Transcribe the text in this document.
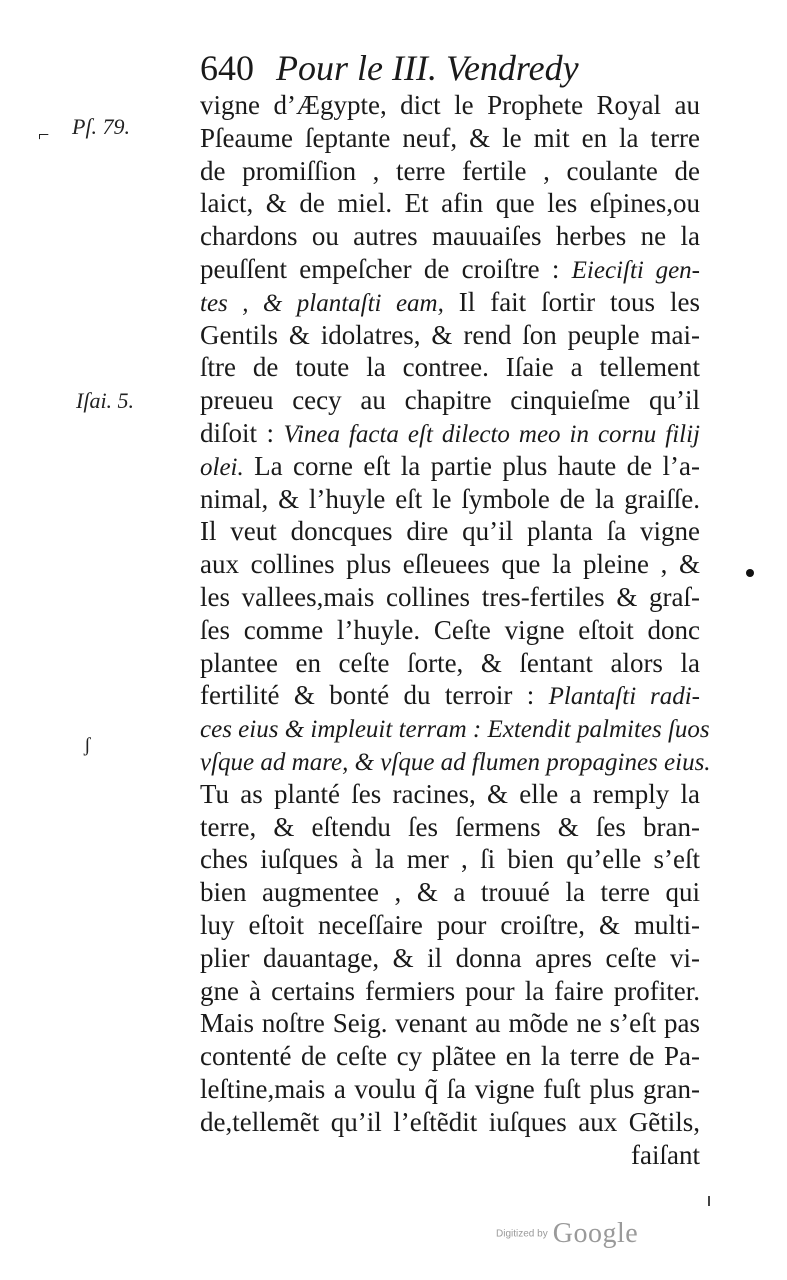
640 Pour le III. Vendredy
Pſ. 79.
⌐
Iſai. 5.
ʃ
vigne d’Ægypte, dict le Prophete Royal au
Pſeaume ſeptante neuf, & le mit en la terre
de promiſſion , terre fertile , coulante de
laict, & de miel. Et afin que les eſpines,ou
chardons ou autres mauuaiſes herbes ne la
peuſſent empeſcher de croiſtre : Eieciſti gen-
tes , & plantaſti eam, Il fait ſortir tous les
Gentils & idolatres, & rend ſon peuple mai-
ſtre de toute la contree. Iſaie a tellement
preueu cecy au chapitre cinquieſme qu’il
diſoit : Vinea facta eſt dilecto meo in cornu filij
olei. La corne eſt la partie plus haute de l’a-
nimal, & l’huyle eſt le ſymbole de la graiſſe.
Il veut doncques dire qu’il planta ſa vigne
aux collines plus eſleuees que la pleine , &
les vallees,mais collines tres-fertiles & graſ-
ſes comme l’huyle. Ceſte vigne eſtoit donc
plantee en ceſte ſorte, & ſentant alors la
fertilité & bonté du terroir : Plantaſti radi-
ces eius & impleuit terram : Extendit palmites ſuos
vſque ad mare, & vſque ad flumen propagines eius.
Tu as planté ſes racines, & elle a remply la
terre, & eſtendu ſes ſermens & ſes bran-
ches iuſques à la mer , ſi bien qu’elle s’eſt
bien augmentee , & a trouué la terre qui
luy eſtoit neceſſaire pour croiſtre, & multi-
plier dauantage, & il donna apres ceſte vi-
gne à certains fermiers pour la faire profiter.
Mais noſtre Seig. venant au mõde ne s’eſt pas
contenté de ceſte cy plãtee en la terre de Pa-
leſtine,mais a voulu q̃ ſa vigne fuſt plus gran-
de,tellemẽt qu’il l’eſtẽdit iuſques aux Gẽtils,
faiſant
Digitized by Google
